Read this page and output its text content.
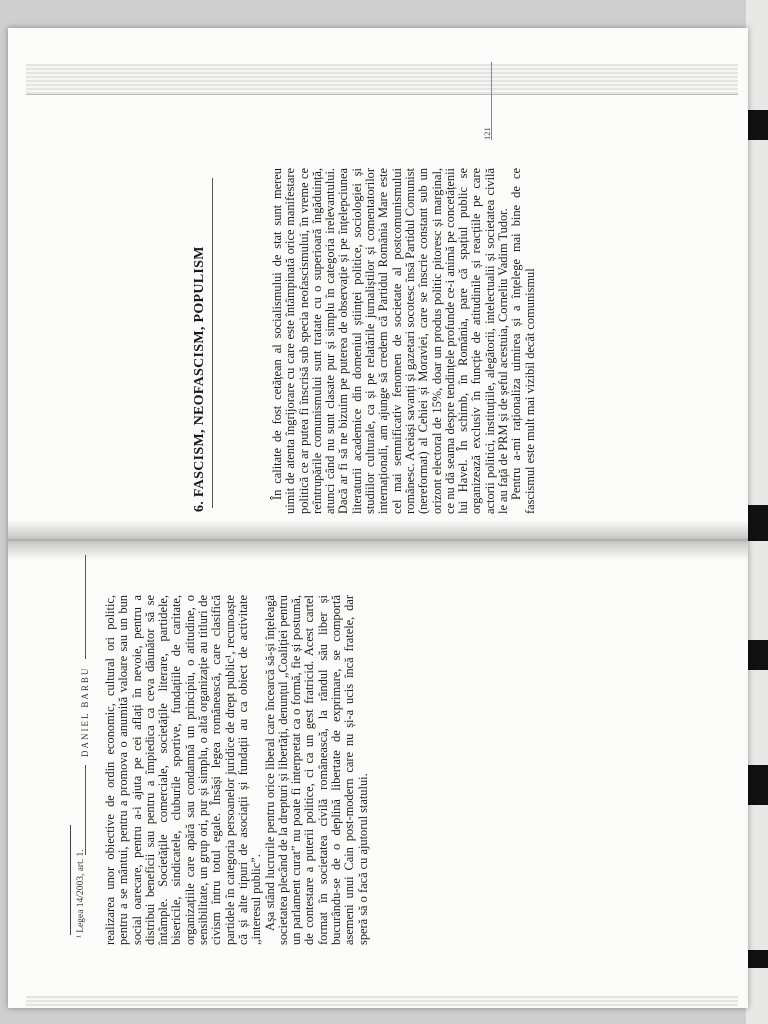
DANIEL BARBU realizarea unor obiective de ordin economic, cultural ori politic, pentru a se mântui, pentru a promova o anumită valoare sau un bun social oarecare, pentru a-i ajuta pe cei aflați în nevoie, pentru a distribui beneficii sau pentru a împiedica ca ceva dăunător să se întâmple. Societățile comerciale, societățile literare, partidele, bisericile, sindicatele, cluburile sportive, fundațiile de caritate, organizațiile care apără sau condamnă un principiu, o atitudine, o sensibilitate, un grup ori, pur și simplu, o altă organizație au titluri de civism întru totul egale. Însăși legea românească, care clasifică partidele în categoria persoanelor juridice de drept public¹, recunoaște că și alte tipuri de asociații și fundații au ca obiect de activitate „interesul public”. Așa stând lucrurile pentru orice liberal care încearcă să-și înțeleagă societatea plecând de la drepturi și libertăți, denunțul „Coaliției pentru un parlament curat” nu poate fi interpretat ca o formă, fie și postumă, de contestare a puterii politice, ci ca un gest fratricid. Acest cartel format în societatea civilă românească, la rândul său liber și bucurându-se de o deplină libertate de exprimare, se comportă asemeni unui Cain post-modern care nu și-a ucis încă fratele, dar speră să o facă cu ajutorul statului.

¹ Legea 14/2003, art. 1.
121
6. FASCISM, NEOFASCISM, POPULISM	În calitate de fost cetățean al socialismului de stat sunt mereu uimit de atenta îngrijorare cu care este întâmpinată orice manifestare politică ce ar putea fi înscrisă sub specia neofascismului, în vreme ce reîntrupările comunismului sunt tratate cu o superioară îngăduință, atunci când nu sunt clasate pur și simplu în categoria irelevantului. Dacă ar fi să ne bizuim pe puterea de observație și pe înțelepciunea literaturii academice din domeniul științei politice, sociologiei și studiilor culturale, ca și pe relatările jurnaliștilor și comentatorilor internaționali, am ajunge să credem că Partidul România Mare este cel mai semnificativ fenomen de societate al postcomunismului românesc. Aceiași savanți și gazetari socotesc însă Partidul Comunist (nereformat) al Cehiei și Moraviei, care se înscrie constant sub un orizont electoral de 15%, doar un produs politic pitoresc și marginal, ce nu dă seama despre tendințele profunde ce-i animă pe concetățenii lui Havel. În schimb, în România, pare că spațiul public se organizează exclusiv în funcție de atitudinile și reacțiile pe care actorii politici, instituțiile, alegătorii, intelectualii și societatea civilă le au față de PRM și de șeful acestuia, Corneliu Vadim Tudor. Pentru a-mi raționaliza uimirea și a înțelege mai bine de ce fascismul este mult mai vizibil decât comunismul
